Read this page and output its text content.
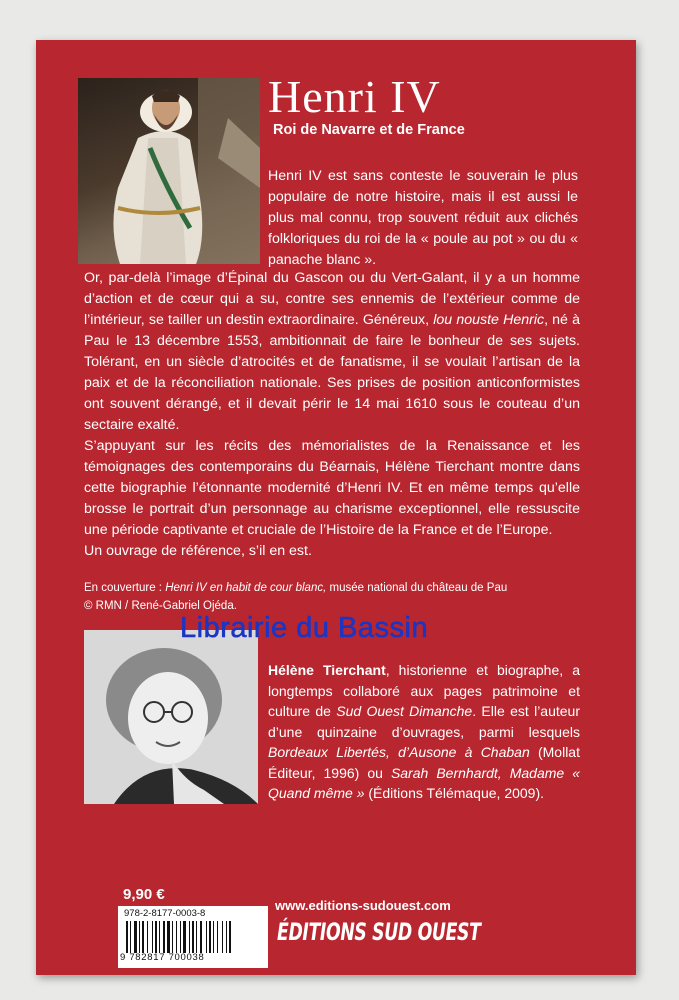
Henri IV
Roi de Navarre et de France
Henri IV est sans conteste le souverain le plus populaire de notre histoire, mais il est aussi le plus mal connu, trop souvent réduit aux clichés folkloriques du roi de la « poule au pot » ou du « panache blanc ».

Or, par-delà l’image d’Épinal du Gascon ou du Vert-Galant, il y a un homme d’action et de cœur qui a su, contre ses ennemis de l’extérieur comme de l’intérieur, se tailler un destin extraordinaire. Généreux, lou nouste Henric, né à Pau le 13 décembre 1553, ambitionnait de faire le bonheur de ses sujets. Tolérant, en un siècle d’atrocités et de fanatisme, il se voulait l’artisan de la paix et de la réconciliation nationale. Ses prises de position anticonformistes ont souvent dérangé, et il devait périr le 14 mai 1610 sous le couteau d’un sectaire exalté.

S’appuyant sur les récits des mémorialistes de la Renaissance et les témoignages des contemporains du Béarnais, Hélène Tierchant montre dans cette biographie l’étonnante modernité d’Henri IV. Et en même temps qu’elle brosse le portrait d’un personnage au charisme exceptionnel, elle ressuscite une période captivante et cruciale de l’Histoire de la France et de l’Europe.

Un ouvrage de référence, s’il en est.

En couverture : Henri IV en habit de cour blanc, musée national du château de Pau
© RMN / René-Gabriel Ojéda.
Hélène Tierchant, historienne et biographe, a longtemps collaboré aux pages patrimoine et culture de Sud Ouest Dimanche. Elle est l’auteur d’une quinzaine d’ouvrages, parmi lesquels Bordeaux Libertés, d’Ausone à Chaban (Mollat Éditeur, 1996) ou Sarah Bernhardt, Madame « Quand même » (Éditions Télémaque, 2009).
Librairie du Bassin
9,90 €
978-2-8177-0003-8
9 782817 700038
www.editions-sudouest.com
ÉDITIONS SUD OUEST
